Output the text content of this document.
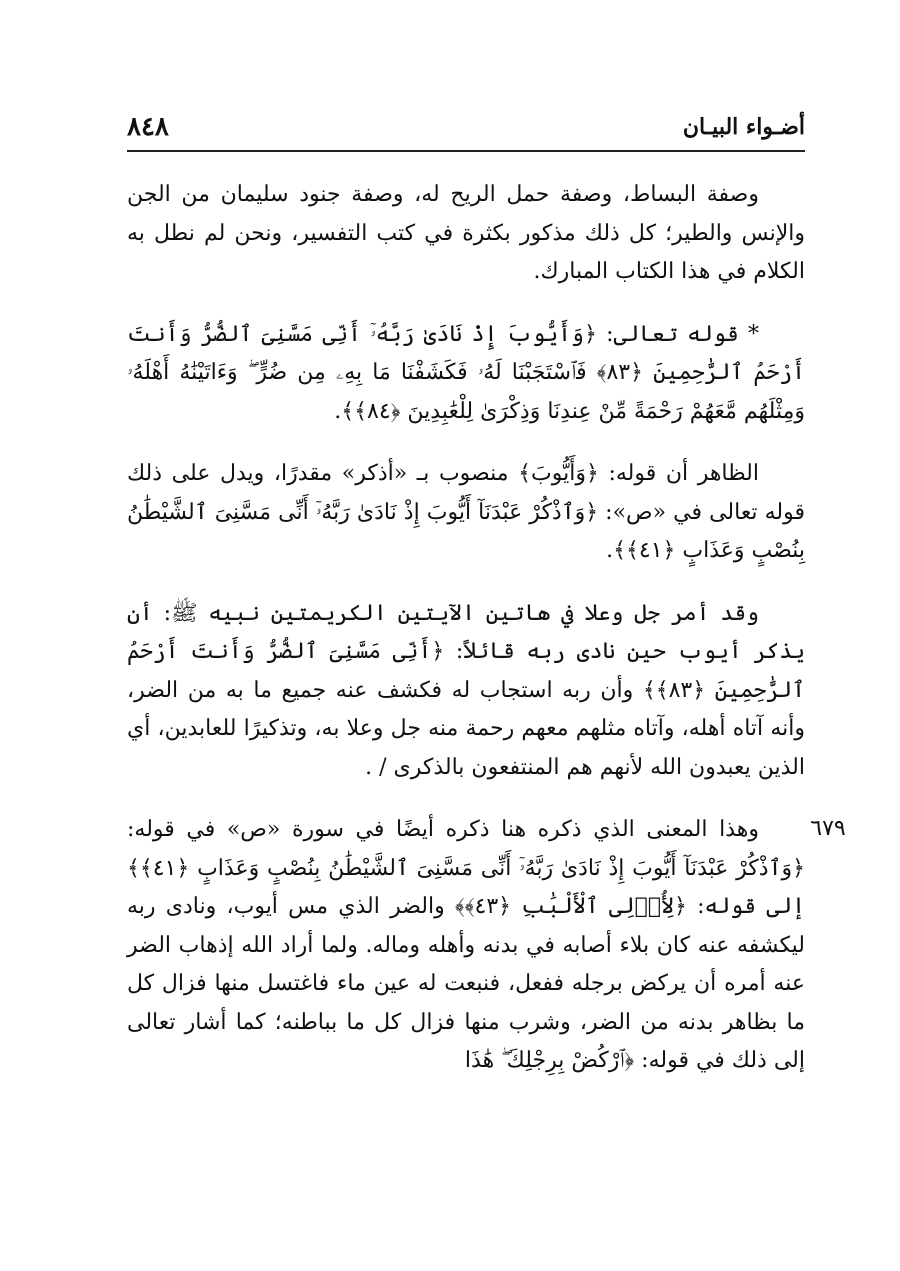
٨٤٨	أضـواء البيـان

وصفة البساط، وصفة حمل الريح له، وصفة جنود سليمان من الجن والإنس والطير؛ كل ذلك مذكور بكثرة في كتب التفسير، ونحن لم نطل به الكلام في هذا الكتاب المبارك.

* قوله تعالى: ﴿وَأَيُّوبَ إِذْ نَادَىٰ رَبَّهُۥٓ أَنِّى مَسَّنِىَ ٱلضُّرُّ وَأَنتَ أَرْحَمُ ٱلرَّٰحِمِينَ ﴿٨٣﴾ فَٱسْتَجَبْنَا لَهُۥ فَكَشَفْنَا مَا بِهِۦ مِن ضُرٍّ ۖ وَءَاتَيْنَٰهُ أَهْلَهُۥ وَمِثْلَهُم مَّعَهُمْ رَحْمَةً مِّنْ عِندِنَا وَذِكْرَىٰ لِلْعَٰبِدِينَ ﴿٨٤﴾﴾.

الظاهر أن قوله: ﴿وَأَيُّوبَ﴾ منصوب بـ «أذكر» مقدرًا، ويدل على ذلك قوله تعالى في «ص»: ﴿وَٱذْكُرْ عَبْدَنَآ أَيُّوبَ إِذْ نَادَىٰ رَبَّهُۥٓ أَنِّى مَسَّنِىَ ٱلشَّيْطَٰنُ بِنُصْبٍ وَعَذَابٍ ﴿٤١﴾﴾.

وقد أمر جل وعلا في هاتين الآيتين الكريمتين نبيه ﷺ: أن يذكر أيوب حين نادى ربه قائلاً: ﴿أَنِّى مَسَّنِىَ ٱلضُّرُّ وَأَنتَ أَرْحَمُ ٱلرَّٰحِمِينَ ﴿٨٣﴾﴾ وأن ربه استجاب له فكشف عنه جميع ما به من الضر، وأنه آتاه أهله، وآتاه مثلهم معهم رحمة منه جل وعلا به، وتذكيرًا للعابدين، أي الذين يعبدون الله لأنهم هم المنتفعون بالذكرى / .

وهذا المعنى الذي ذكره هنا ذكره أيضًا في سورة «ص» في قوله: ﴿وَٱذْكُرْ عَبْدَنَآ أَيُّوبَ إِذْ نَادَىٰ رَبَّهُۥٓ أَنِّى مَسَّنِىَ ٱلشَّيْطَٰنُ بِنُصْبٍ وَعَذَابٍ ﴿٤١﴾﴾ إلى قوله: ﴿لِأُو۟لِى ٱلْأَلْبَٰبِ ﴿٤٣﴾﴾ والضر الذي مس أيوب، ونادى ربه ليكشفه عنه كان بلاء أصابه في بدنه وأهله وماله. ولما أراد الله إذهاب الضر عنه أمره أن يركض برجله ففعل، فنبعت له عين ماء فاغتسل منها فزال كل ما بظاهر بدنه من الضر، وشرب منها فزال كل ما بباطنه؛ كما أشار تعالى إلى ذلك في قوله: ﴿ٱرْكُضْ بِرِجْلِكَ ۖ هَٰذَا

٦٧٩
